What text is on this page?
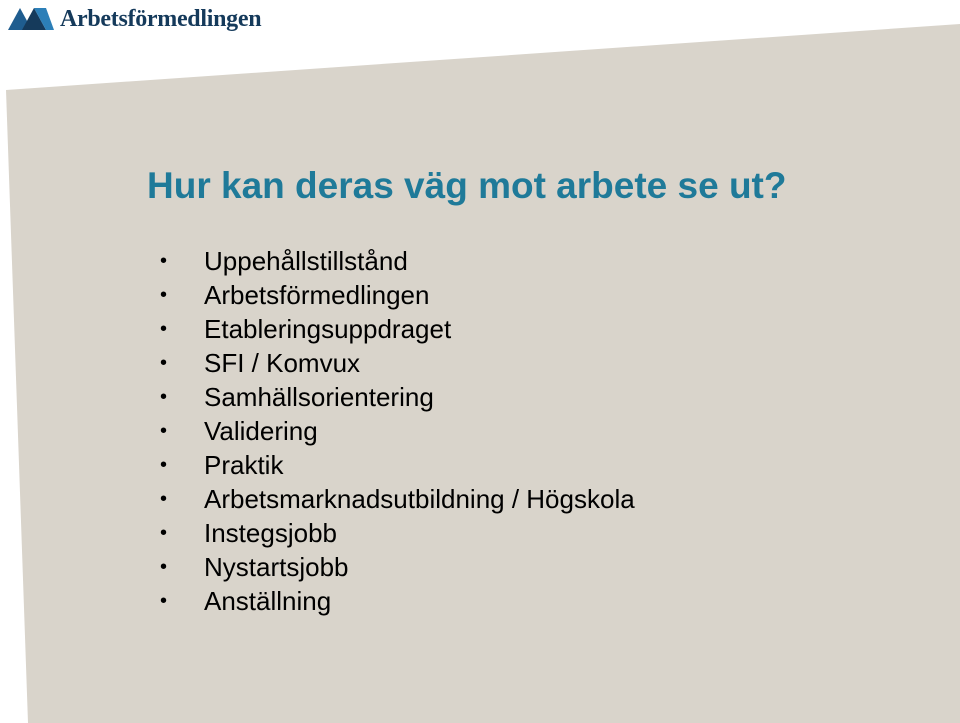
Arbetsförmedlingen
Hur kan deras väg mot arbete se ut?
•	Uppehållstillstånd
•	Arbetsförmedlingen
•	Etableringsuppdraget
•	SFI / Komvux
•	Samhällsorientering
•	Validering
•	Praktik
•	Arbetsmarknadsutbildning / Högskola
•	Instegsjobb
•	Nystartsjobb
•	Anställning
